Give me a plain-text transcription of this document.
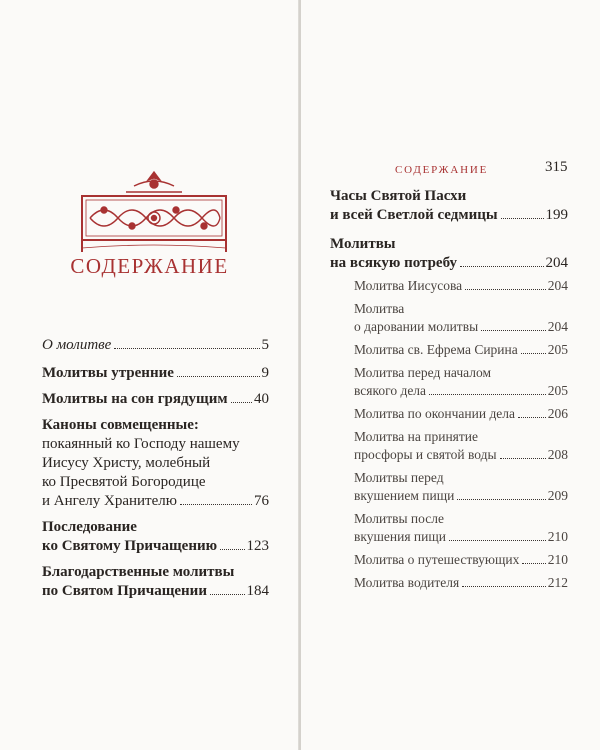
СОДЕРЖАНИЕ
О молитве	5
Молитвы утренние	9
Молитвы на сон грядущим 40
Каноны совмещенные:
покаянный ко Господу нашему
Иисусу Христу, молебный
ко Пресвятой Богородице
и Ангелу Хранителю	76
Последование
ко Святому Причащению 123
Благодарственные молитвы
по Святом Причащении	184
СОДЕРЖАНИЕ	315
Часы Святой Пасхи
и всей Светлой седмицы	199
Молитвы
на всякую потребу	204
Молитва Иисусова	204
Молитва
о даровании молитвы	204
Молитва св. Ефрема Сирина 205
Молитва перед началом
всякого дела	205
Молитва по окончании дела 206
Молитва на принятие
просфоры и святой воды	208
Молитвы перед
вкушением пищи	209
Молитвы после
вкушения пищи	210
Молитва о путешествующих 210
Молитва водителя	212
